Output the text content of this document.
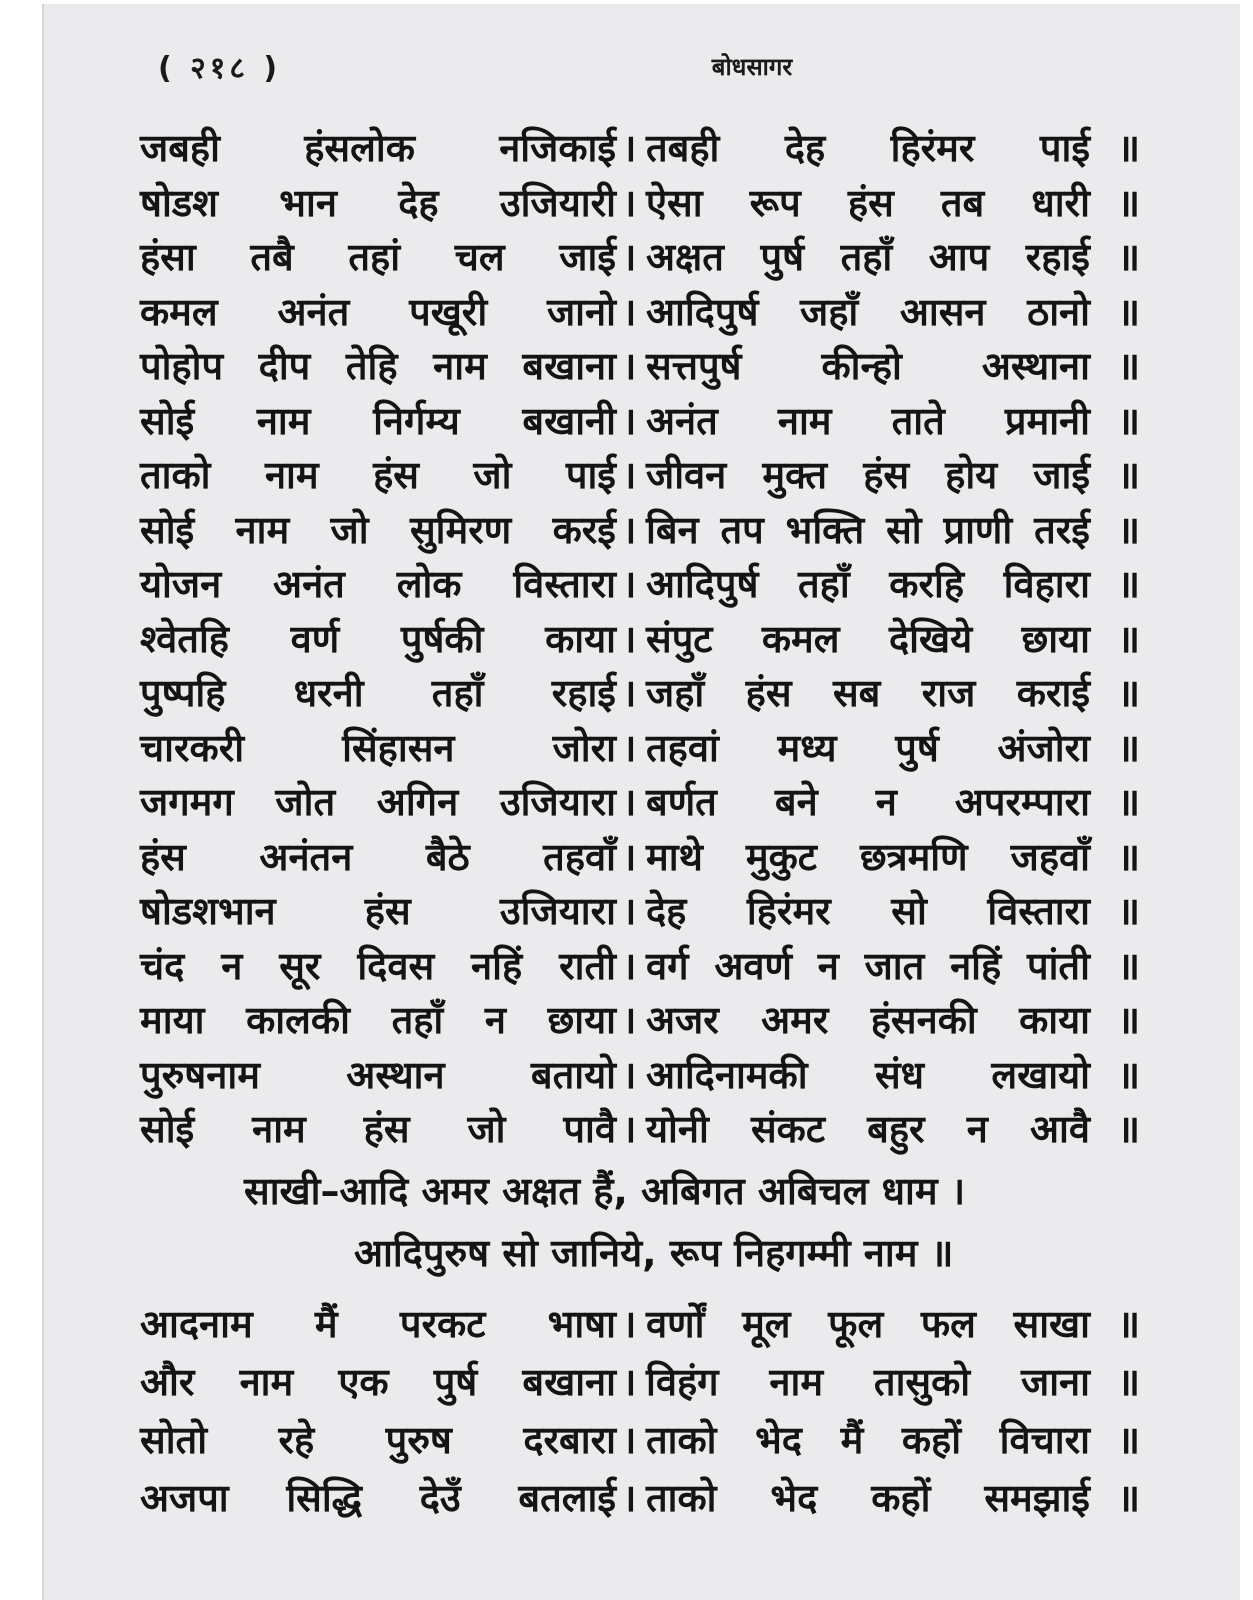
( २१८ )	बोधसागर
जबही हंसलोक नजिकाई । तबही देह हिरंमर पाई ॥
षोडश भान देह उजियारी । ऐसा रूप हंस तब धारी ॥
हंसा तबै तहां चल जाई । अक्षत पुर्ष तहाँ आप रहाई ॥
कमल अनंत पखूरी जानो । आदिपुर्ष जहाँ आसन ठानो ॥
पोहोप दीप तेहि नाम बखाना । सत्तपुर्ष कीन्हो अस्थाना ॥
सोई नाम निर्गम्य बखानी । अनंत नाम ताते प्रमानी ॥
ताको नाम हंस जो पाई । जीवन मुक्त हंस होय जाई ॥
सोई नाम जो सुमिरण करई । बिन तप भक्ति सो प्राणी तरई ॥
योजन अनंत लोक विस्तारा । आदिपुर्ष तहाँ करहि विहारा ॥
श्वेतहि वर्ण पुर्षकी काया । संपुट कमल देखिये छाया ॥
पुष्पहि धरनी तहाँ रहाई । जहाँ हंस सब राज कराई ॥
चारकरी	सिंहासन	जोरा । तहवां मध्य पुर्ष अंजोरा ॥
जगमग जोत अगिन उजियारा । बर्णत बने न अपरम्पारा ॥
हंस अनंतन बैठे तहवाँ । माथे मुकुट छत्रमणि जहवाँ ॥
षोडशभान हंस उजियारा । देह हिरंमर सो विस्तारा ॥
चंद न सूर दिवस नहिं राती । वर्ग अवर्ण न जात नहिं पांती ॥
माया कालकी तहाँ न छाया । अजर अमर हंसनकी काया ॥
पुरुषनाम अस्थान बतायो । आदिनामकी संध लखायो ॥
सोई नाम हंस जो पावै । योनी संकट बहुर न आवै ॥
साखी–आदि अमर अक्षत हैं, अबिगत अबिचल धाम ।
आदिपुरुष सो जानिये, रूप निहगम्मी नाम ॥
आदनाम मैं परकट भाषा । वर्णों मूल फूल फल साखा ॥
और नाम एक पुर्ष बखाना । विहंग नाम तासुको जाना ॥
सोतो रहे पुरुष दरबारा । ताको भेद मैं कहों विचारा ॥
अजपा सिद्धि देउँ बतलाई । ताको भेद कहों समझाई ॥
